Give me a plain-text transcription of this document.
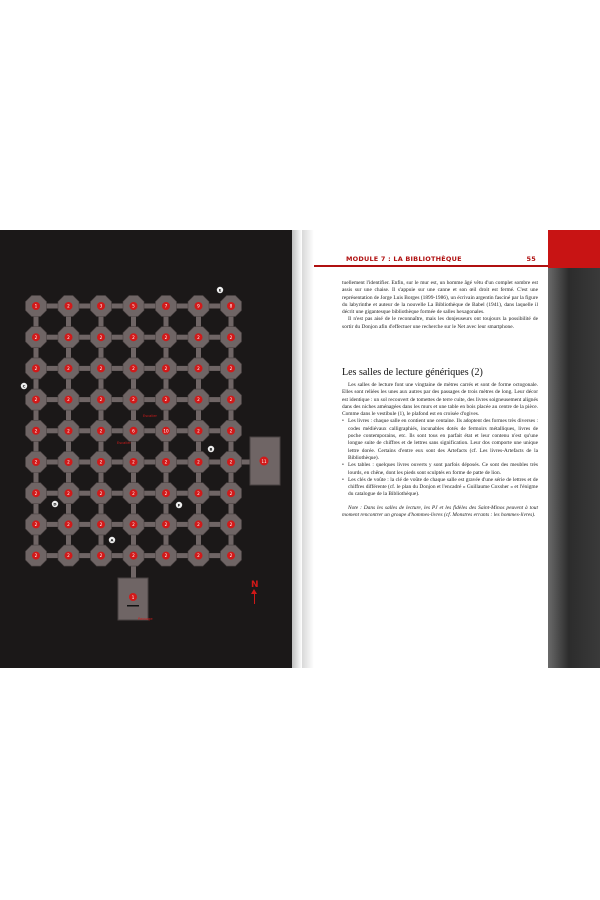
11
1
1	2	3	5	7	9	8
2	2	2	2	2	2	2
2	2	2	2	2	2	2
2	2	2	2	2	2	2
2	2	2	6	10	2	2
2	2	2	2	2	2	2
2	2	2	2	2	2	2
2	2	2	2	2	2	2
2	2	2	2	2	2	2
E
C
B
D	F
A
Escalier
Escalier
Passage
N
MODULE 7 : LA BIBLIOTHÈQUE	55

tuellement l'identifier. Enfin, sur le mur est, un homme âgé vêtu d'un complet sombre est assis sur une chaise. Il s'appuie sur une canne et son œil droit est fermé. C'est une représentation de Jorge Luis Borges (1899-1986), un écrivain argentin fasciné par la figure du labyrinthe et auteur de la nouvelle La Bibliothèque de Babel (1941), dans laquelle il décrit une gigantesque bibliothèque formée de salles hexagonales.

Il n'est pas aisé de le reconnaître, mais les donjeuseurs ont toujours la possibilité de sortir du Donjon afin d'effectuer une recherche sur le Net avec leur smartphone.

Les salles de lecture génériques (2)

Les salles de lecture font une vingtaine de mètres carrés et sont de forme octogonale. Elles sont reliées les unes aux autres par des passages de trois mètres de long. Leur décor est identique : un sol recouvert de tomettes de terre cuite, des livres soigneusement alignés dans des niches aménagées dans les murs et une table en bois placée au centre de la pièce. Comme dans le vestibule (1), le plafond est en croisée d'ogives.

• Les livres : chaque salle en contient une centaine. Ils adoptent des formes très diverses : codes médiévaux calligraphiés, incunables dotés de fermoirs métalliques, livres de poche contemporains, etc. Ils sont tous en parfait état et leur contenu n'est qu'une longue suite de chiffres et de lettres sans signification. Leur dos comporte une unique lettre dorée. Certains d'entre eux sont des Artefacts (cf. Les livres-Artefacts de la Bibliothèque).

• Les tables : quelques livres ouverts y sont parfois déposés. Ce sont des meubles très lourds, en chêne, dont les pieds sont sculptés en forme de patte de lion.

• Les clés de voûte : la clé de voûte de chaque salle est gravée d'une série de lettres et de chiffres différente (cf. le plan du Donjon et l'encadré « Guillaume Coxsher » et l'énigme du catalogue de la Bibliothèque).

Note : Dans les salles de lecture, les PJ et les fidèles des Saint-Minos peuvent à tout moment rencontrer un groupe d'hommes-livres (cf. Monstres errants : les hommes-livres).
